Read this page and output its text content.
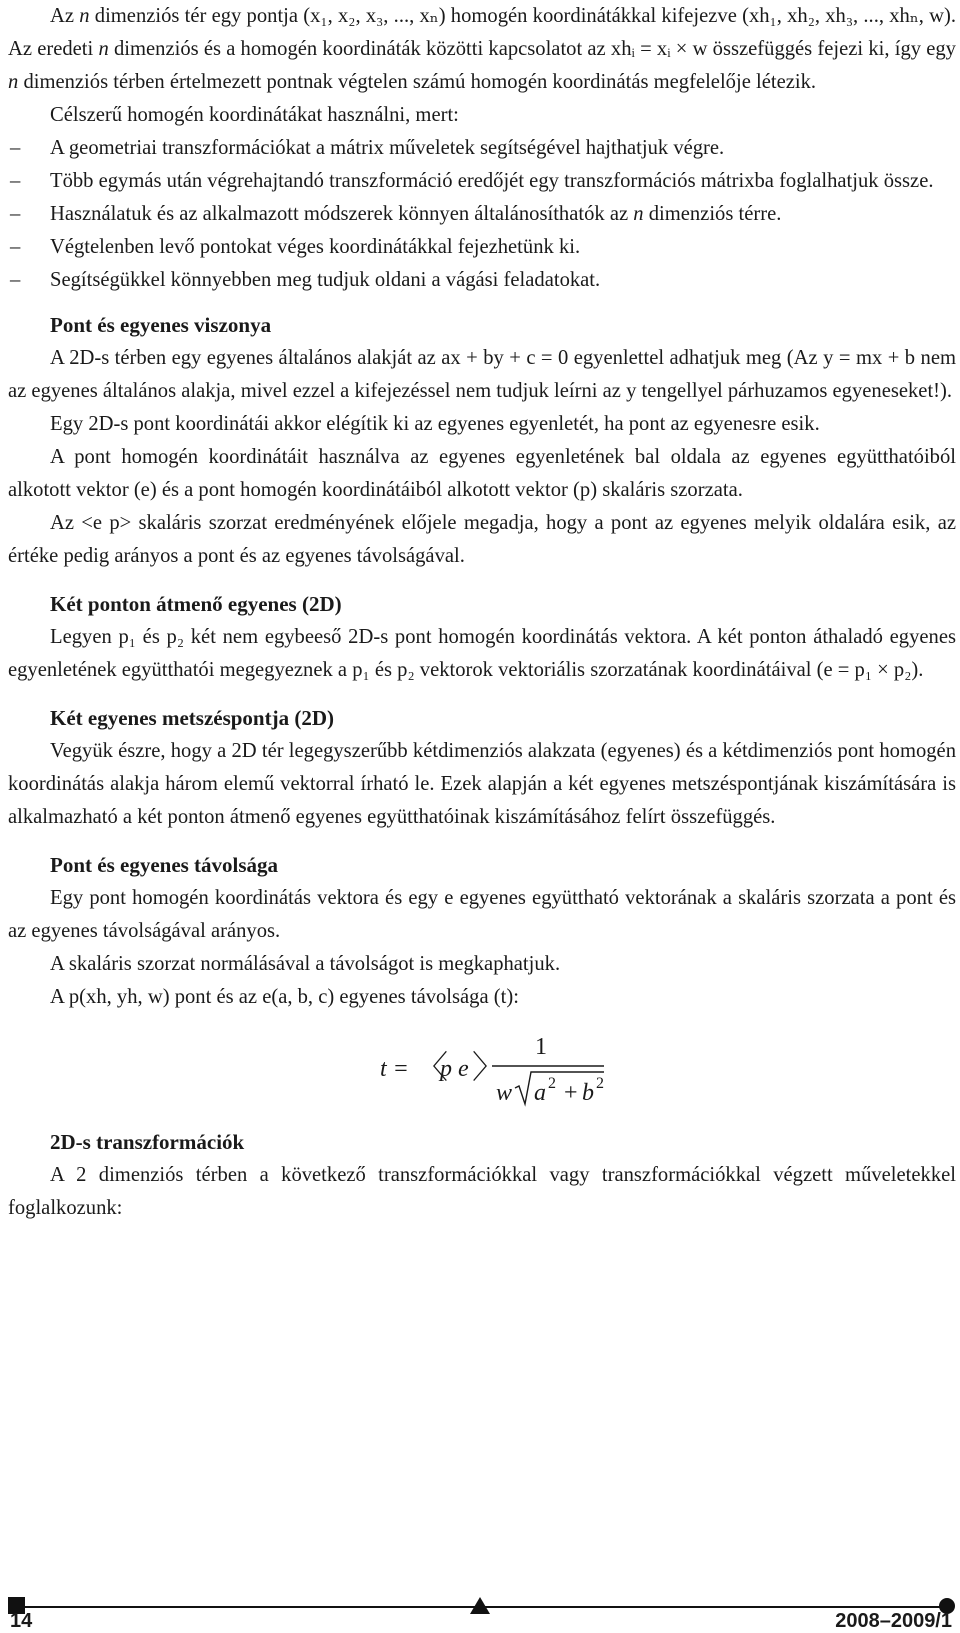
Az n dimenziós tér egy pontja (x₁, x₂, x₃, ..., xₙ) homogén koordinátákkal kifejezve (xh₁, xh₂, xh₃, ..., xhₙ, w). Az eredeti n dimenziós és a homogén koordináták közötti kapcsolatot az xhᵢ = xᵢ × w összefüggés fejezi ki, így egy n dimenziós térben értelmezett pontnak végtelen számú homogén koordinátás megfelelője létezik.

Célszerű homogén koordinátákat használni, mert:

–	A geometriai transzformációkat a mátrix műveletek segítségével hajthatjuk végre.
–	Több egymás után végrehajtandó transzformáció eredőjét egy transzformációs mátrixba foglalhatjuk össze.
–	Használatuk és az alkalmazott módszerek könnyen általánosíthatók az n dimenziós térre.
–	Végtelenben levő pontokat véges koordinátákkal fejezhetünk ki.
–	Segítségükkel könnyebben meg tudjuk oldani a vágási feladatokat.
Pont és egyenes viszonya

A 2D-s térben egy egyenes általános alakját az ax + by + c = 0 egyenlettel adhatjuk meg (Az y = mx + b nem az egyenes általános alakja, mivel ezzel a kifejezéssel nem tudjuk leírni az y tengellyel párhuzamos egyeneseket!).

Egy 2D-s pont koordinátái akkor elégítik ki az egyenes egyenletét, ha pont az egyenesre esik.

A pont homogén koordinátáit használva az egyenes egyenletének bal oldala az egyenes együtthatóiból alkotott vektor (e) és a pont homogén koordinátáiból alkotott vektor (p) skaláris szorzata.

Az <e p> skaláris szorzat eredményének előjele megadja, hogy a pont az egyenes melyik oldalára esik, az értéke pedig arányos a pont és az egyenes távolságával.

Két ponton átmenő egyenes (2D)

Legyen p₁ és p₂ két nem egybeeső 2D-s pont homogén koordinátás vektora. A két ponton áthaladó egyenes egyenletének együtthatói megegyeznek a p₁ és p₂ vektorok vektoriális szorzatának koordinátáival (e = p₁ × p₂).

Két egyenes metszéspontja (2D)

Vegyük észre, hogy a 2D tér legegyszerűbb kétdimenziós alakzata (egyenes) és a kétdimenziós pont homogén koordinátás alakja három elemű vektorral írható le. Ezek alapján a két egyenes metszéspontjának kiszámítására is alkalmazható a két ponton átmenő egyenes együtthatóinak kiszámításához felírt összefüggés.

Pont és egyenes távolsága

Egy pont homogén koordinátás vektora és egy e egyenes együttható vektorának a skaláris szorzata a pont és az egyenes távolságával arányos.

A skaláris szorzat normálásával a távolságot is megkaphatjuk.

A p(xh, yh, w) pont és az e(a, b, c) egyenes távolsága (t):

t = 〈
p e 〉
1
w a 2 + b 2
2D-s transzformációk

A 2 dimenziós térben a következő transzformációkkal vagy transzformációkkal végzett műveletekkel foglalkozunk:

14	2008–2009/1
